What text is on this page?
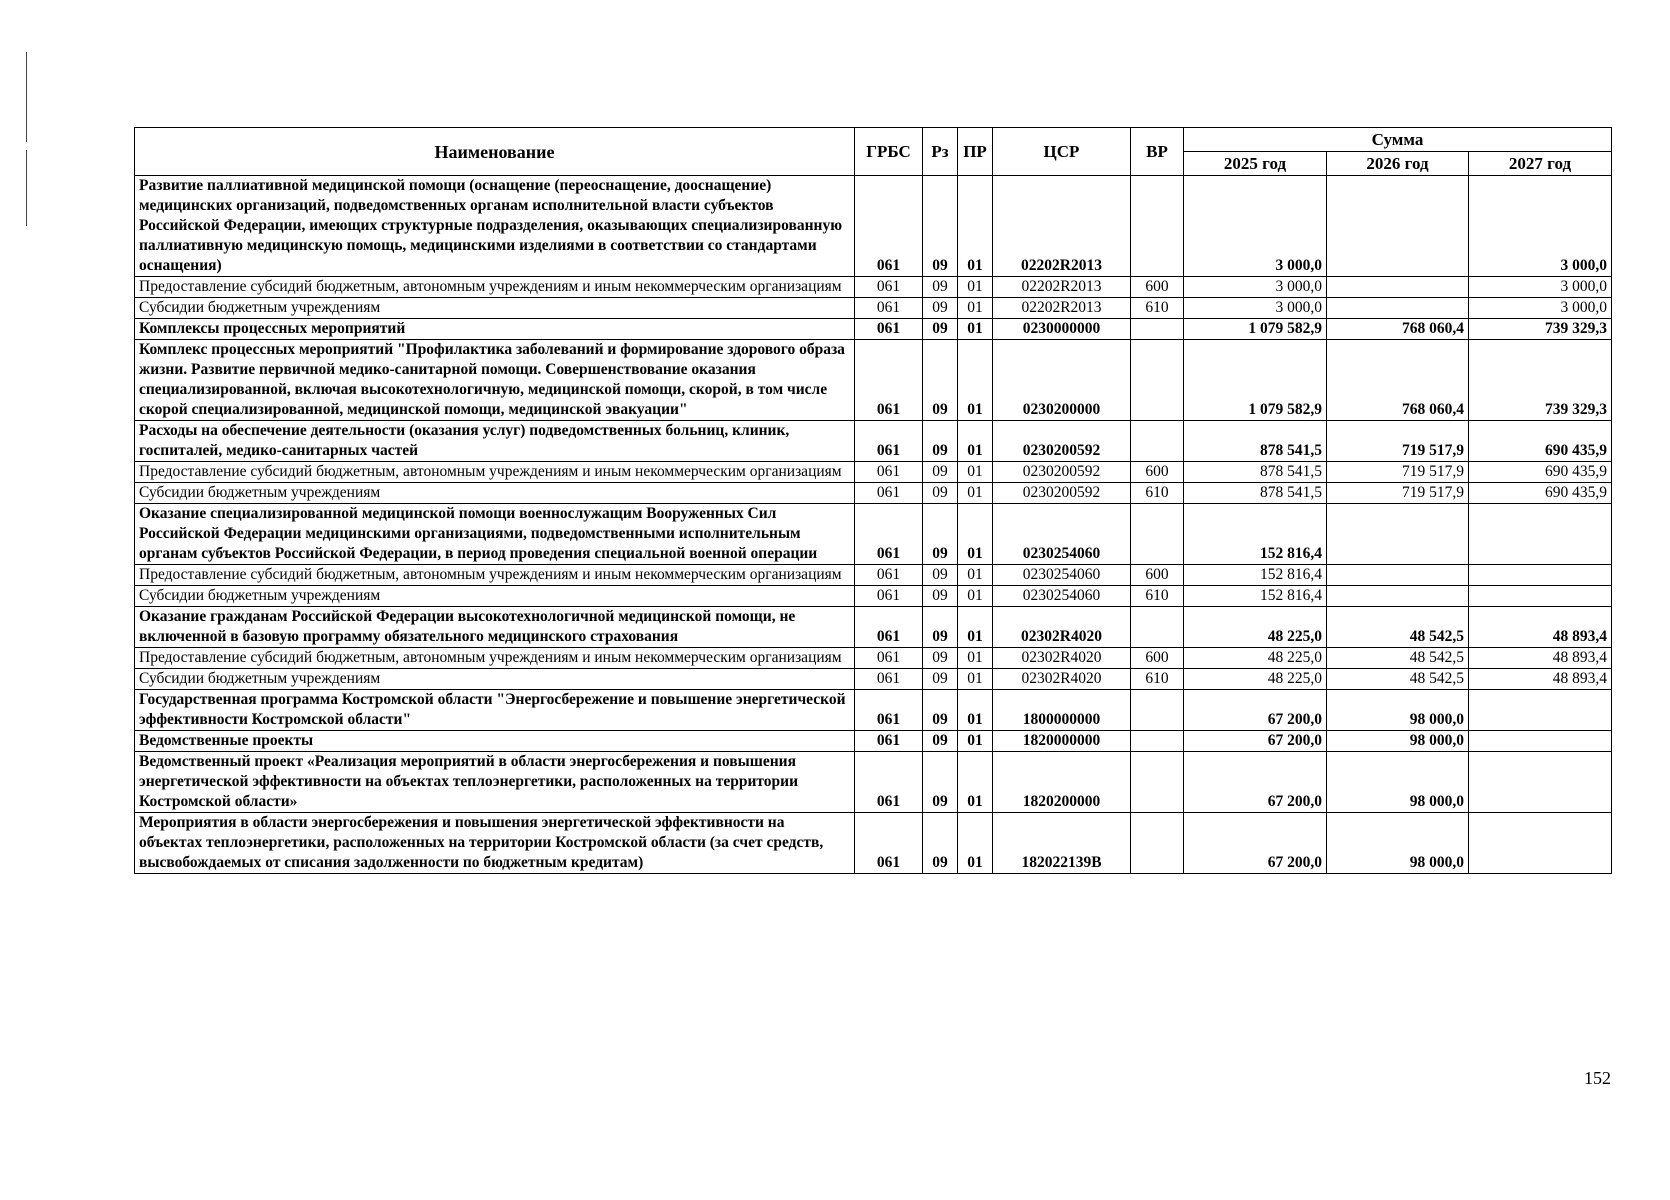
Наименование	ГРБС	Рз	ПР	ЦСР	ВР	Сумма		
						2025 год	2026 год	2027 год
Развитие паллиативной медицинской помощи (оснащение (переоснащение, дооснащение) медицинских организаций, подведомственных органам исполнительной власти субъектов Российской Федерации, имеющих структурные подразделения, оказывающих специализированную паллиативную медицинскую помощь, медицинскими изделиями в соответствии со стандартами оснащения)	061	09	01	02202R2013		3 000,0		3 000,0
Предоставление субсидий бюджетным, автономным учреждениям и иным некоммерческим организациям	061	09	01	02202R2013	600	3 000,0		3 000,0
Субсидии бюджетным учреждениям	061	09	01	02202R2013	610	3 000,0		3 000,0
Комплексы процессных мероприятий	061	09	01	0230000000		1 079 582,9	768 060,4	739 329,3
Комплекс процессных мероприятий "Профилактика заболеваний и формирование здорового образа жизни. Развитие первичной медико-санитарной помощи. Совершенствование оказания специализированной, включая высокотехнологичную, медицинской помощи, скорой, в том числе скорой специализированной, медицинской помощи, медицинской эвакуации"	061	09	01	0230200000		1 079 582,9	768 060,4	739 329,3
Расходы на обеспечение деятельности (оказания услуг) подведомственных больниц, клиник, госпиталей, медико-санитарных частей	061	09	01	0230200592		878 541,5	719 517,9	690 435,9
Предоставление субсидий бюджетным, автономным учреждениям и иным некоммерческим организациям	061	09	01	0230200592	600	878 541,5	719 517,9	690 435,9
Субсидии бюджетным учреждениям	061	09	01	0230200592	610	878 541,5	719 517,9	690 435,9
Оказание специализированной медицинской помощи военнослужащим Вооруженных Сил Российской Федерации медицинскими организациями, подведомственными исполнительным органам субъектов Российской Федерации, в период проведения специальной военной операции	061	09	01	0230254060		152 816,4		
Предоставление субсидий бюджетным, автономным учреждениям и иным некоммерческим организациям	061	09	01	0230254060	600	152 816,4		
Субсидии бюджетным учреждениям	061	09	01	0230254060	610	152 816,4		
Оказание гражданам Российской Федерации высокотехнологичной медицинской помощи, не включенной в базовую программу обязательного медицинского страхования	061	09	01	02302R4020		48 225,0	48 542,5	48 893,4
Предоставление субсидий бюджетным, автономным учреждениям и иным некоммерческим организациям	061	09	01	02302R4020	600	48 225,0	48 542,5	48 893,4
Субсидии бюджетным учреждениям	061	09	01	02302R4020	610	48 225,0	48 542,5	48 893,4
Государственная программа Костромской области "Энергосбережение и повышение энергетической эффективности Костромской области"	061	09	01	1800000000		67 200,0	98 000,0	
Ведомственные проекты	061	09	01	1820000000		67 200,0	98 000,0	
Ведомственный проект «Реализация мероприятий в области энергосбережения и повышения энергетической эффективности на объектах теплоэнергетики, расположенных на территории Костромской области»	061	09	01	1820200000		67 200,0	98 000,0	
Мероприятия в области энергосбережения и повышения энергетической эффективности на объектах теплоэнергетики, расположенных на территории Костромской области (за счет средств, высвобождаемых от списания задолженности по бюджетным кредитам)	061	09	01	182022139B		67 200,0	98 000,0	
152
